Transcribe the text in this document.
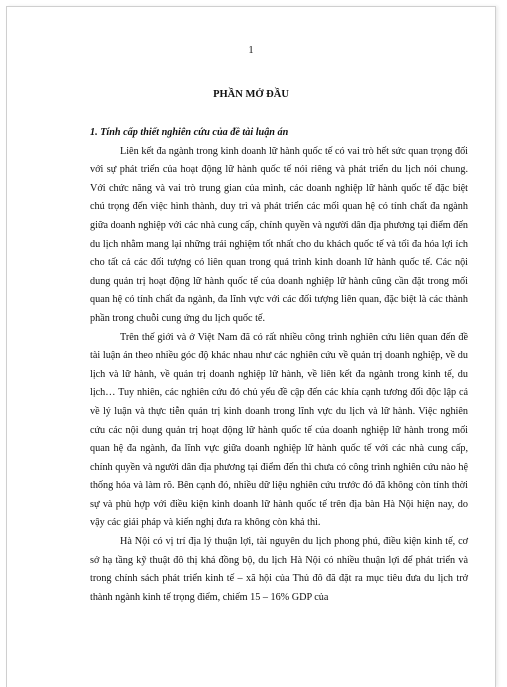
1
PHẦN MỞ ĐẦU

1. Tính cấp thiết nghiên cứu của đề tài luận án

Liên kết đa ngành trong kinh doanh lữ hành quốc tế có vai trò hết sức quan trọng đối với sự phát triển của hoạt động lữ hành quốc tế nói riêng và phát triển du lịch nói chung. Với chức năng và vai trò trung gian của mình, các doanh nghiệp lữ hành quốc tế đặc biệt chú trọng đến việc hình thành, duy trì và phát triển các mối quan hệ có tính chất đa ngành giữa doanh nghiệp với các nhà cung cấp, chính quyền và người dân địa phương tại điểm đến du lịch nhằm mang lại những trải nghiệm tốt nhất cho du khách quốc tế và tối đa hóa lợi ích cho tất cả các đối tượng có liên quan trong quá trình kinh doanh lữ hành quốc tế. Các nội dung quản trị hoạt động lữ hành quốc tế của doanh nghiệp lữ hành cũng cần đặt trong mối quan hệ có tính chất đa ngành, đa lĩnh vực với các đối tượng liên quan, đặc biệt là các thành phần trong chuỗi cung ứng du lịch quốc tế.

Trên thế giới và ở Việt Nam đã có rất nhiều công trình nghiên cứu liên quan đến đề tài luận án theo nhiều góc độ khác nhau như các nghiên cứu về quản trị doanh nghiệp, về du lịch và lữ hành, về quản trị doanh nghiệp lữ hành, về liên kết đa ngành trong kinh tế, du lịch… Tuy nhiên, các nghiên cứu đó chủ yếu đề cập đến các khía cạnh tương đối độc lập cả về lý luận và thực tiễn quản trị kinh doanh trong lĩnh vực du lịch và lữ hành. Việc nghiên cứu các nội dung quản trị hoạt động lữ hành quốc tế của doanh nghiệp lữ hành trong mối quan hệ đa ngành, đa lĩnh vực giữa doanh nghiệp lữ hành quốc tế với các nhà cung cấp, chính quyền và người dân địa phương tại điểm đến thì chưa có công trình nghiên cứu nào hệ thống hóa và làm rõ. Bên cạnh đó, nhiều dữ liệu nghiên cứu trước đó đã không còn tính thời sự và phù hợp với điều kiện kinh doanh lữ hành quốc tế trên địa bàn Hà Nội hiện nay, do vậy các giải pháp và kiến nghị đưa ra không còn khả thi.

Hà Nội có vị trí địa lý thuận lợi, tài nguyên du lịch phong phú, điều kiện kinh tế, cơ sở hạ tầng kỹ thuật đô thị khá đồng bộ, du lịch Hà Nội có nhiều thuận lợi để phát triển và trong chính sách phát triển kinh tế – xã hội của Thủ đô đã đặt ra mục tiêu đưa du lịch trở thành ngành kinh tế trọng điểm, chiếm 15 – 16% GDP của
